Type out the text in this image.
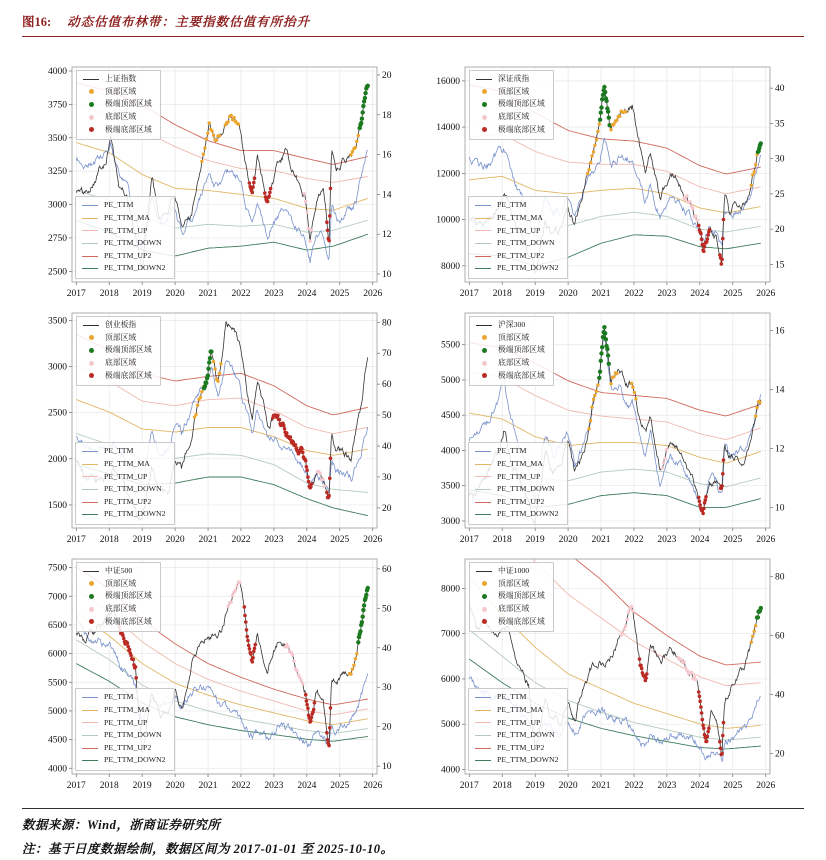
图16: 动态估值布林带：主要指数估值有所抬升
2017 2018 2019 2020 2021 2022 2023 2024 2025 2026
2500
2750
3000
3250
3500
3750
4000
10
12
14
16
18
20
上证指数
顶部区域
极端顶部区域
底部区域
极端底部区域
PE_TTM
PE_TTM_MA
PE_TTM_UP
PE_TTM_DOWN
PE_TTM_UP2
PE_TTM_DOWN2
2017 2018 2019 2020 2021 2022 2023 2024 2025 2026
8000
10000
12000
14000
16000
15
20
25
30
35
40
深证成指
顶部区域
极端顶部区域
底部区域
极端底部区域
PE_TTM
PE_TTM_MA
PE_TTM_UP
PE_TTM_DOWN
PE_TTM_UP2
PE_TTM_DOWN2
2017 2018 2019 2020 2021 2022 2023 2024 2025 2026
1500
2000
2500
3000
3500
20
30
40
50
60
70
80
创业板指
顶部区域
极端顶部区域
底部区域
极端底部区域
PE_TTM
PE_TTM_MA
PE_TTM_UP
PE_TTM_DOWN
PE_TTM_UP2
PE_TTM_DOWN2
2017 2018 2019 2020 2021 2022 2023 2024 2025 2026
3000
3500
4000
4500
5000
5500
10
12
14
16
沪深300
顶部区域
极端顶部区域
底部区域
极端底部区域
PE_TTM
PE_TTM_MA
PE_TTM_UP
PE_TTM_DOWN
PE_TTM_UP2
PE_TTM_DOWN2
2017 2018 2019 2020 2021 2022 2023 2024 2025 2026
4000
4500
5000
5500
6000
6500
7000
7500
10
20
30
40
50
60
中证500
顶部区域
极端顶部区域
底部区域
极端底部区域
PE_TTM
PE_TTM_MA
PE_TTM_UP
PE_TTM_DOWN
PE_TTM_UP2
PE_TTM_DOWN2
2017 2018 2019 2020 2021 2022 2023 2024 2025 2026
4000
5000
6000
7000
8000
20
40
60
80
中证1000
顶部区域
极端顶部区域
底部区域
极端底部区域
PE_TTM
PE_TTM_MA
PE_TTM_UP
PE_TTM_DOWN
PE_TTM_UP2
PE_TTM_DOWN2
数据来源：Wind，浙商证券研究所
注：基于日度数据绘制，数据区间为 2017-01-01 至 2025-10-10。
